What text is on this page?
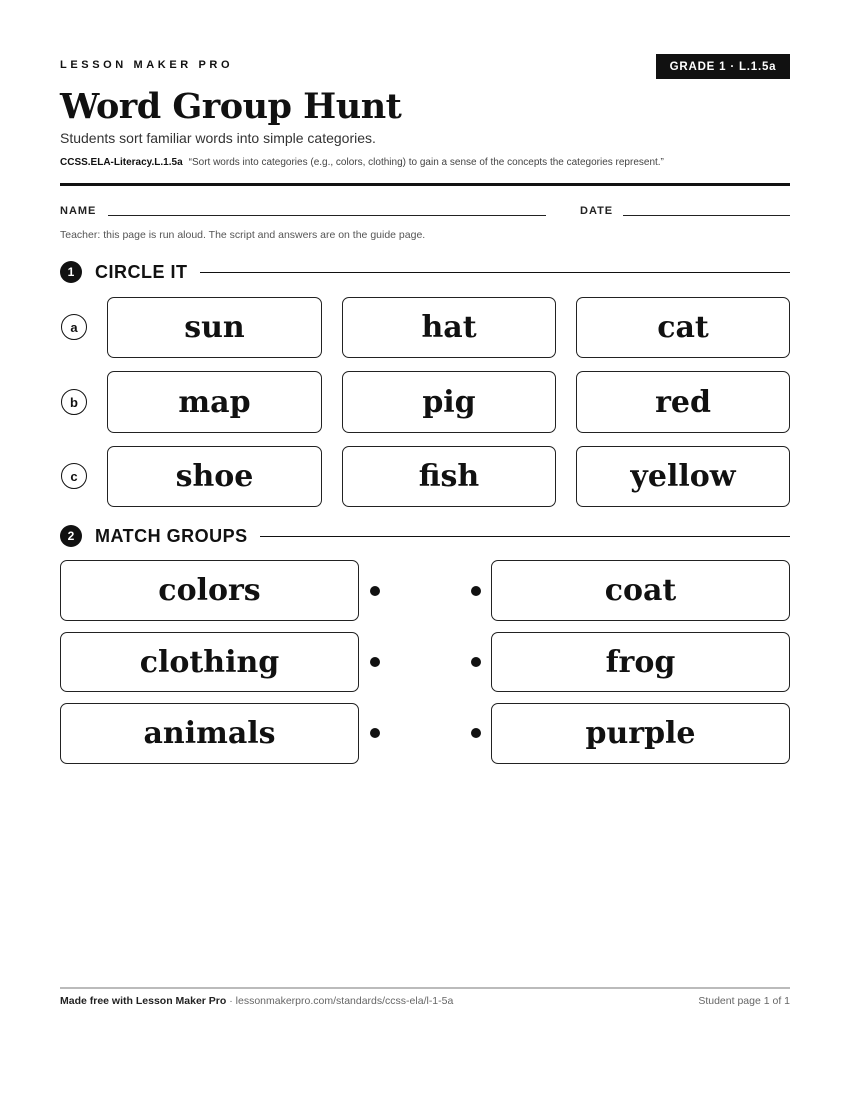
LESSON MAKER PRO	GRADE 1 · L.1.5a
Word Group Hunt
Students sort familiar words into simple categories.
CCSS.ELA-Literacy.L.1.5a “Sort words into categories (e.g., colors, clothing) to gain a sense of the concepts the categories represent.”
NAME	DATE
Teacher: this page is run aloud. The script and answers are on the guide page.
1	CIRCLE IT
a	sun	hat	cat
b	map	pig	red
c	shoe	fish	yellow
2	MATCH GROUPS
colors	coat
clothing	frog
animals	purple
Made free with Lesson Maker Pro · lessonmakerpro.com/standards/ccss-ela/l-1-5a	Student page 1 of 1
